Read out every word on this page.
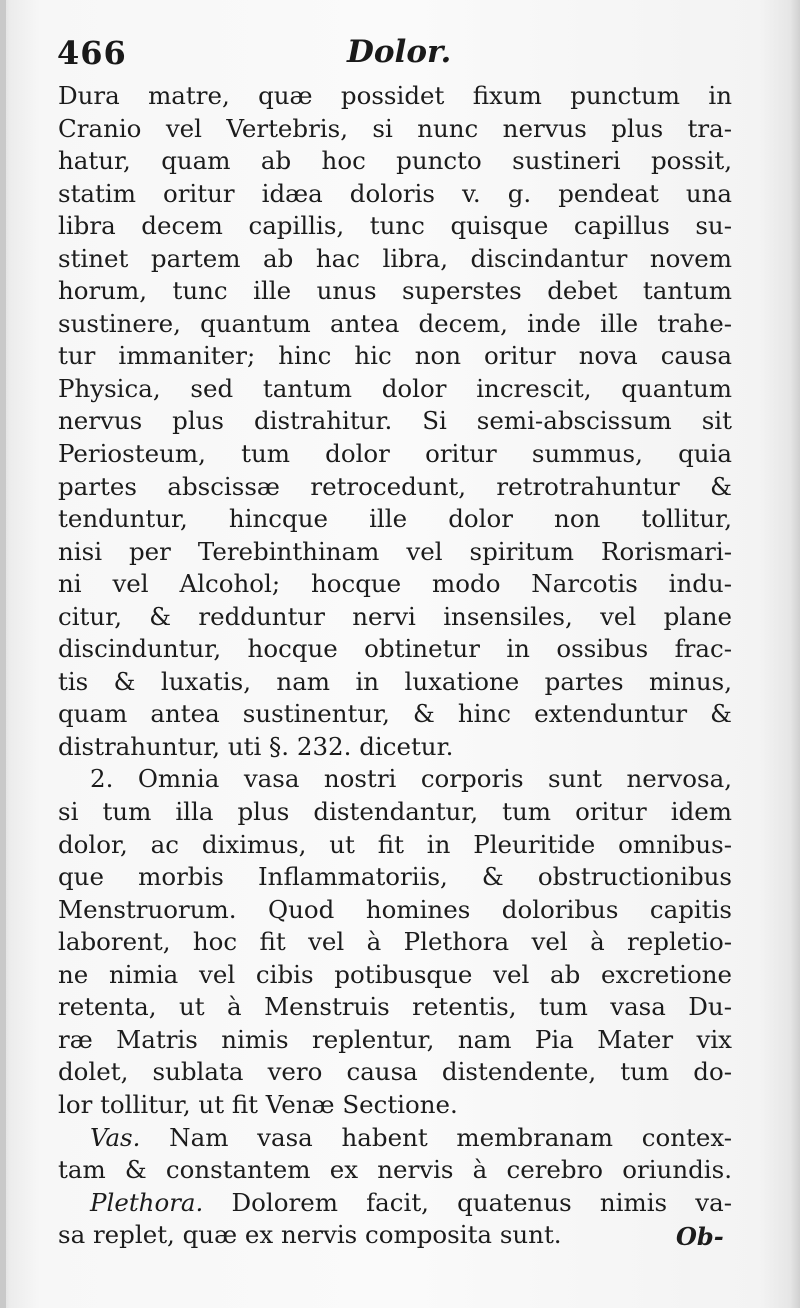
466	Dolor.
Dura matre, quæ possidet fixum punctum in
Cranio vel Vertebris, si nunc nervus plus tra-
hatur, quam ab hoc puncto sustineri possit,
statim oritur idæa doloris v. g. pendeat una
libra decem capillis, tunc quisque capillus su-
stinet partem ab hac libra, discindantur novem
horum, tunc ille unus superstes debet tantum
sustinere, quantum antea decem, inde ille trahe-
tur immaniter; hinc hic non oritur nova causa
Physica, sed tantum dolor increscit, quantum
nervus plus distrahitur. Si semi-abscissum sit
Periosteum, tum dolor oritur summus, quia
partes abscissæ retrocedunt, retrotrahuntur &
tenduntur, hincque ille dolor non tollitur,
nisi per Terebinthinam vel spiritum Rorismari-
ni vel Alcohol; hocque modo Narcotis indu-
citur, & redduntur nervi insensiles, vel plane
discinduntur, hocque obtinetur in ossibus frac-
tis & luxatis, nam in luxatione partes minus,
quam antea sustinentur, & hinc extenduntur &
distrahuntur, uti §. 232. dicetur.
2. Omnia vasa nostri corporis sunt nervosa,
si tum illa plus distendantur, tum oritur idem
dolor, ac diximus, ut fit in Pleuritide omnibus-
que morbis Inflammatoriis, & obstructionibus
Menstruorum. Quod homines doloribus capitis
laborent, hoc fit vel à Plethora vel à repletio-
ne nimia vel cibis potibusque vel ab excretione
retenta, ut à Menstruis retentis, tum vasa Du-
ræ Matris nimis replentur, nam Pia Mater vix
dolet, sublata vero causa distendente, tum do-
lor tollitur, ut fit Venæ Sectione.
Vas. Nam vasa habent membranam contex-
tam & constantem ex nervis à cerebro oriundis.
Plethora. Dolorem facit, quatenus nimis va-
sa replet, quæ ex nervis composita sunt.	Ob-
